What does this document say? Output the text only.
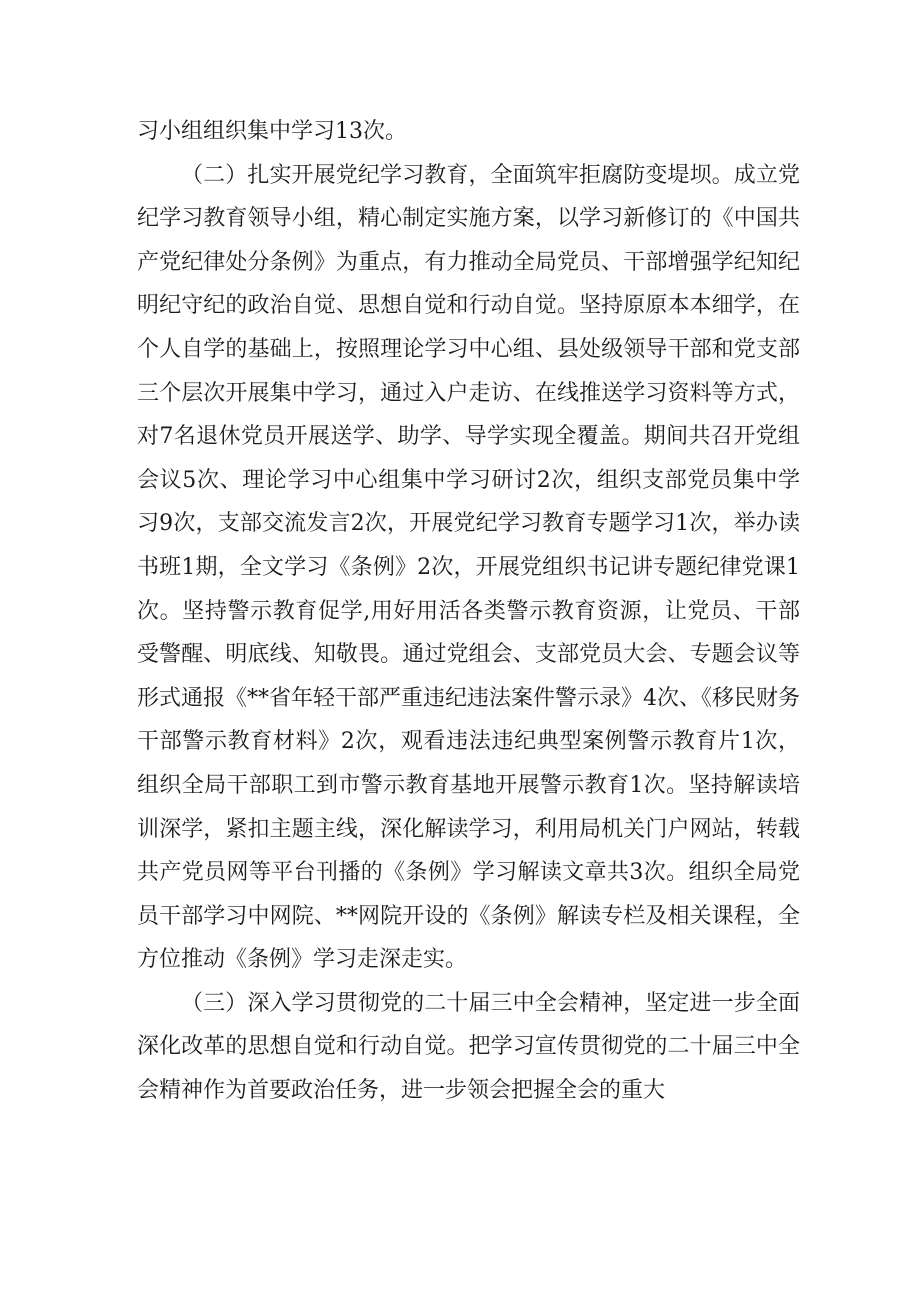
习小组组织集中学习13次。

（二）扎实开展党纪学习教育，全面筑牢拒腐防变堤坝。成立党纪学习教育领导小组，精心制定实施方案，以学习新修订的《中国共产党纪律处分条例》为重点，有力推动全局党员、干部增强学纪知纪明纪守纪的政治自觉、思想自觉和行动自觉。坚持原原本本细学，在个人自学的基础上，按照理论学习中心组、县处级领导干部和党支部三个层次开展集中学习，通过入户走访、在线推送学习资料等方式，对7名退休党员开展送学、助学、导学实现全覆盖。期间共召开党组会议5次、理论学习中心组集中学习研讨2次，组织支部党员集中学习9次，支部交流发言2次，开展党纪学习教育专题学习1次，举办读书班1期，全文学习《条例》2次，开展党组织书记讲专题纪律党课1次。坚持警示教育促学,用好用活各类警示教育资源，让党员、干部受警醒、明底线、知敬畏。通过党组会、支部党员大会、专题会议等形式通报《**省年轻干部严重违纪违法案件警示录》4次、《移民财务干部警示教育材料》2次，观看违法违纪典型案例警示教育片1次，组织全局干部职工到市警示教育基地开展警示教育1次。坚持解读培训深学，紧扣主题主线，深化解读学习，利用局机关门户网站，转载共产党员网等平台刊播的《条例》学习解读文章共3次。组织全局党员干部学习中网院、**网院开设的《条例》解读专栏及相关课程，全方位推动《条例》学习走深走实。

（三）深入学习贯彻党的二十届三中全会精神，坚定进一步全面深化改革的思想自觉和行动自觉。把学习宣传贯彻党的二十届三中全会精神作为首要政治任务，进一步领会把握全会的重大
